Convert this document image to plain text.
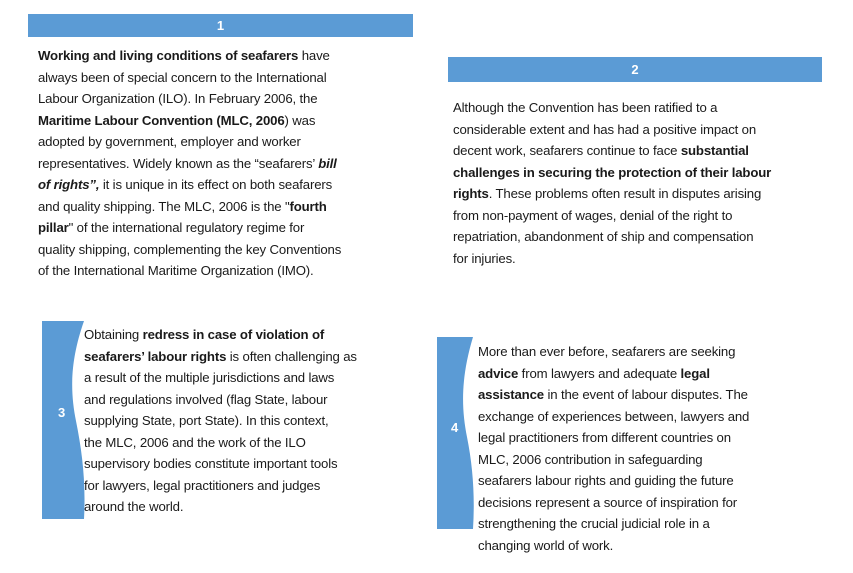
1
Working and living conditions of seafarers have
always been of special concern to the International
Labour Organization (ILO). In February 2006, the
Maritime Labour Convention (MLC, 2006) was
adopted by government, employer and worker
representatives. Widely known as the “seafarers’ bill
of rights”, it is unique in its effect on both seafarers
and quality shipping. The MLC, 2006 is the "fourth
pillar" of the international regulatory regime for
quality shipping, complementing the key Conventions
of the International Maritime Organization (IMO).
2
Although the Convention has been ratified to a
considerable extent and has had a positive impact on
decent work, seafarers continue to face substantial
challenges in securing the protection of their labour
rights. These problems often result in disputes arising
from non-payment of wages, denial of the right to
repatriation, abandonment of ship and compensation
for injuries.
3
Obtaining redress in case of violation of
seafarers’ labour rights is often challenging as
a result of the multiple jurisdictions and laws
and regulations involved (flag State, labour
supplying State, port State). In this context,
the MLC, 2006 and the work of the ILO
supervisory bodies constitute important tools
for lawyers, legal practitioners and judges
around the world.
4
More than ever before, seafarers are seeking
advice from lawyers and adequate legal
assistance in the event of labour disputes. The
exchange of experiences between, lawyers and
legal practitioners from different countries on
MLC, 2006 contribution in safeguarding
seafarers labour rights and guiding the future
decisions represent a source of inspiration for
strengthening the crucial judicial role in a
changing world of work.
